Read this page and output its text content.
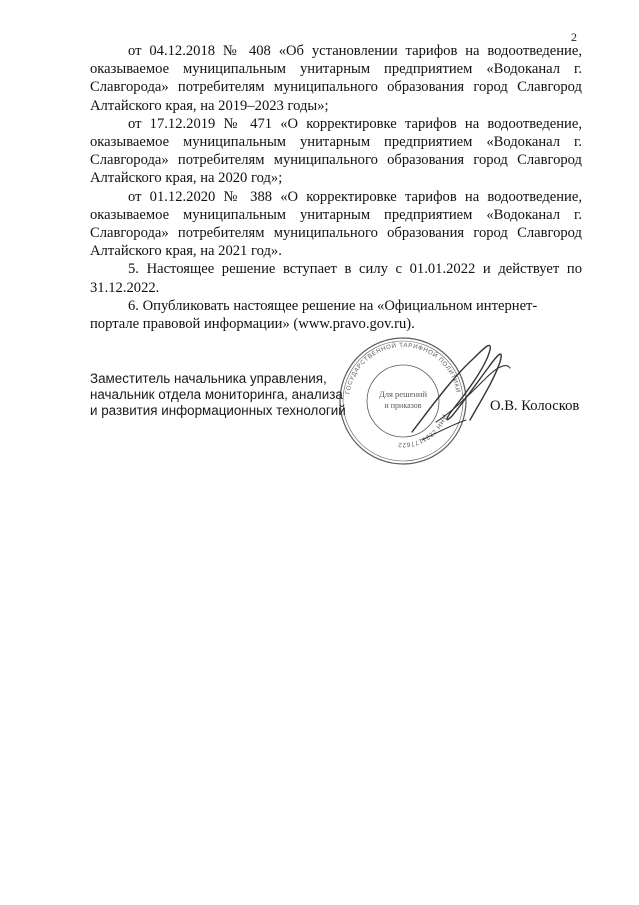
2

от 04.12.2018 № 408 «Об установлении тарифов на водоотведение, оказываемое муниципальным унитарным предприятием «Водоканал г. Славгорода» потребителям муниципального образования город Славгород Алтайского края, на 2019–2023 годы»;

от 17.12.2019 № 471 «О корректировке тарифов на водоотведение, оказываемое муниципальным унитарным предприятием «Водоканал г. Славгорода» потребителям муниципального образования город Славгород Алтайского края, на 2020 год»;

от 01.12.2020 № 388 «О корректировке тарифов на водоотведение, оказываемое муниципальным унитарным предприятием «Водоканал г. Славгорода» потребителям муниципального образования город Славгород Алтайского края, на 2021 год».

5. Настоящее решение вступает в силу с 01.01.2022 и действует по 31.12.2022.

6. Опубликовать настоящее решение на «Официальном интернет-портале правовой информации» (www.pravo.gov.ru).

ГОСУДАРСТВЕННОЙ ТАРИФНОЙ ПОЛИТИКИ
ИНН 2221177622
Для решений
и приказов
Заместитель начальника управления,
начальник отдела мониторинга, анализа
и развития информационных технологий	О.В. Колосков
